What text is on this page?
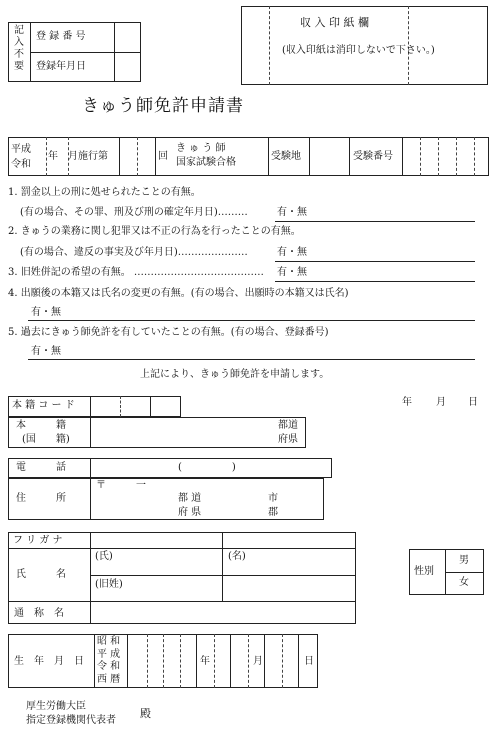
記
入
不
要
登 録 番 号
登録年月日
収 入 印 紙 欄
(収入印紙は消印しないで下さい。)
きゅう師免許申請書
平成
令和
年　月施行第	回
き ゅ う 師
国家試験合格
受験地	受験番号
1. 罰金以上の刑に処せられたことの有無。
(有の場合、その罪、刑及び刑の確定年月日)………	有・無
2. きゅうの業務に関し犯罪又は不正の行為を行ったことの有無。
(有の場合、違反の事実及び年月日)…………………	有・無
3. 旧姓併記の希望の有無。 ………………………………… 有・無
4. 出願後の本籍又は氏名の変更の有無。(有の場合、出願時の本籍又は氏名)
有・無
5. 過去にきゅう師免許を有していたことの有無。(有の場合、登録番号)
有・無
上記により、きゅう師免許を申請します。
年 月 日
本 籍 コ ー ド
本　　　籍
(国　　籍)
都道
府県
電　　　話	(　　　　　)
住　　　所
〒　　　一
都 道
府 県
市
郡
フ リ ガ ナ
氏　　　名
(氏)	(名)
(旧姓)
通　称　名
性別
男
女
生　年　月　日
昭 和
平 成
令 和
西 暦
年	月	日
厚生労働大臣
指定登録機関代表者
殿
